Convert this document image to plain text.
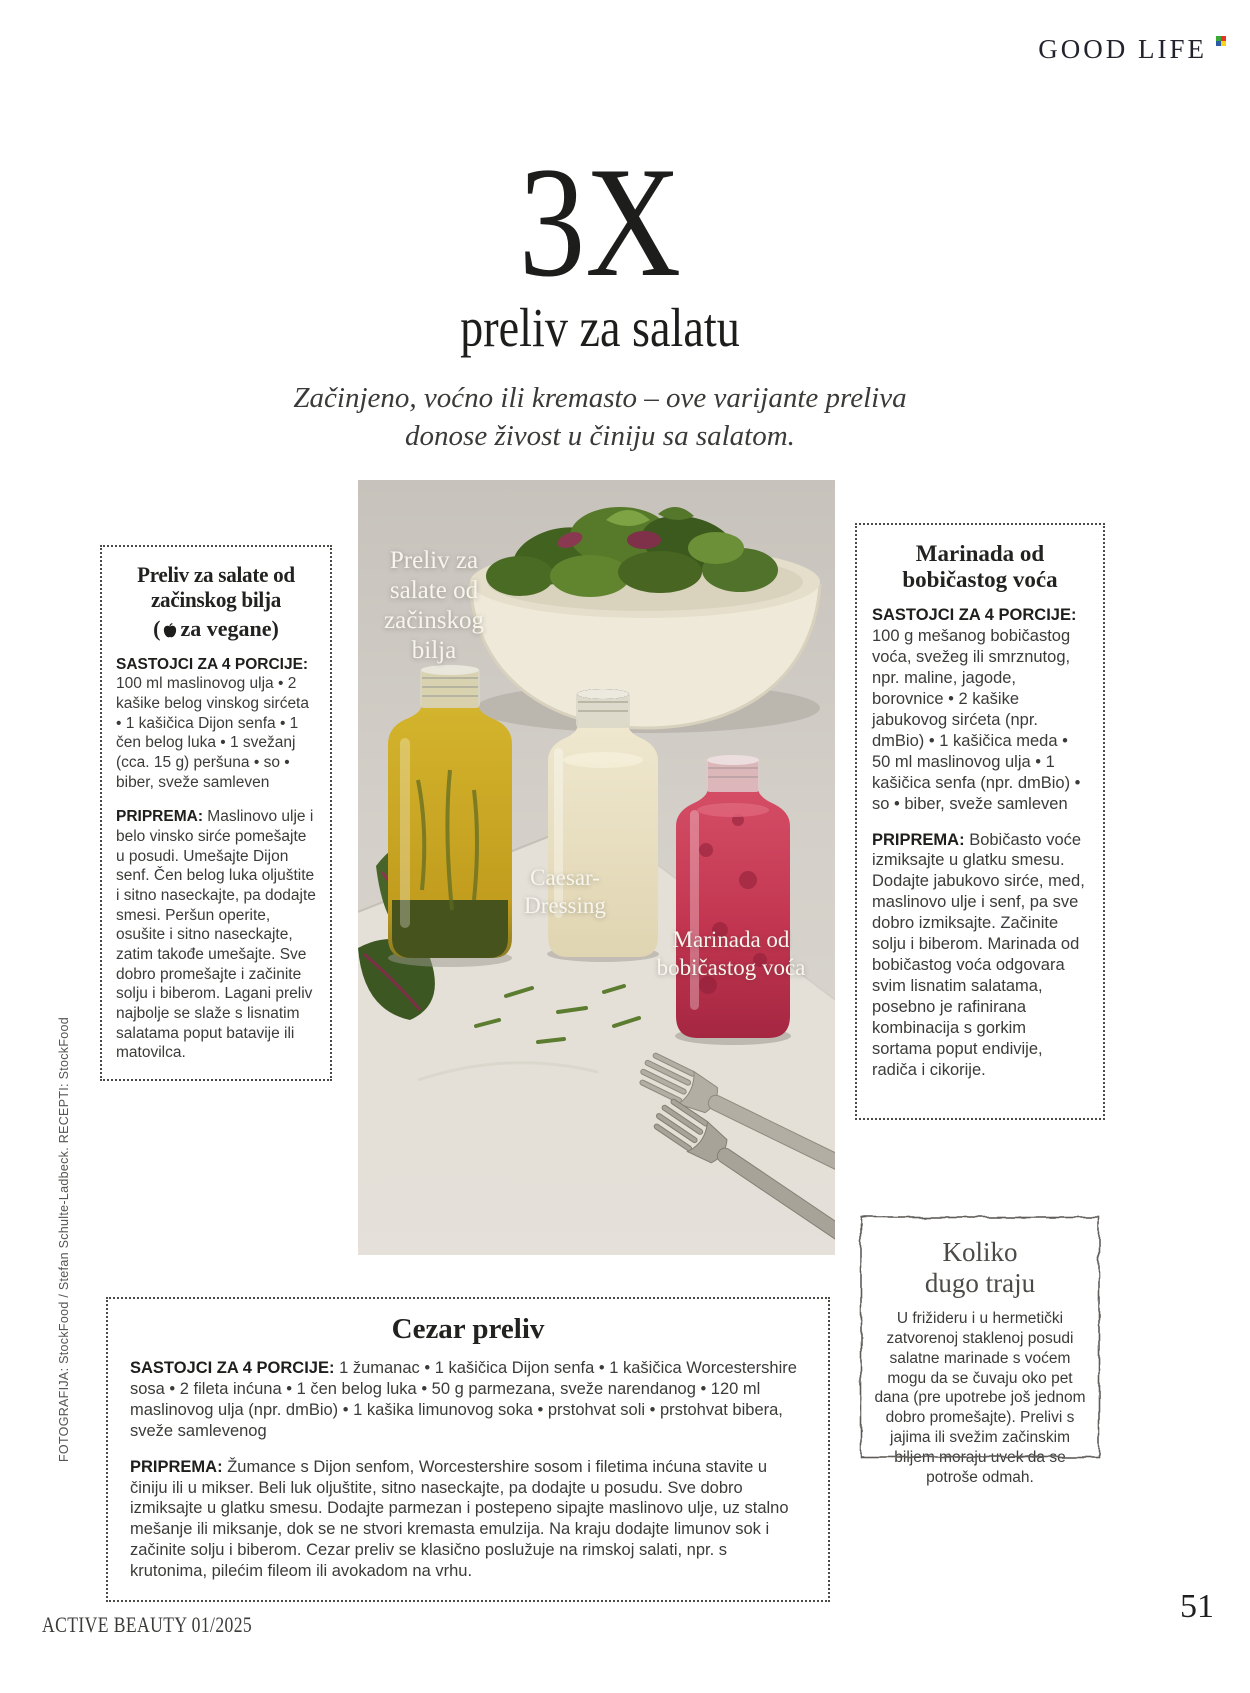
GOOD LIFE
3X
preliv za salatu

Začinjeno, voćno ili kremasto – ove varijante preliva
donose živost u činiju sa salatom.

Preliv za salate od začinskog bilja
Caesar-Dressing
Marinada od bobičastog voća
Preliv za salate od
začinskog bilja
( za vegane)

SASTOJCI ZA 4 PORCIJE:
100 ml maslinovog ulja • 2 kašike belog vinskog sirćeta • 1 kašičica Dijon senfa • 1 čen belog luka • 1 svežanj (cca. 15 g) peršuna • so • biber, sveže samleven

PRIPREMA: Maslinovo ulje i belo vinsko sirće pomešajte u posudi. Umešajte Dijon senf. Čen belog luka oljuštite i sitno naseckajte, pa dodajte smesi. Peršun operite, osušite i sitno naseckajte, zatim takođe umešajte. Sve dobro promešajte i začinite solju i biberom. Lagani preliv najbolje se slaže s lisnatim salatama poput batavije ili matovilca.

Marinada od
bobičastog voća

SASTOJCI ZA 4 PORCIJE:
100 g mešanog bobičastog voća, svežeg ili smrznutog, npr. maline, jagode, borovnice • 2 kašike jabukovog sirćeta (npr. dmBio) • 1 kašičica meda • 50 ml maslinovog ulja • 1 kašičica senfa (npr. dmBio) • so • biber, sveže samleven

PRIPREMA: Bobičasto voće izmiksajte u glatku smesu. Dodajte jabukovo sirće, med, maslinovo ulje i senf, pa sve dobro izmiksajte. Začinite solju i biberom. Marinada od bobičastog voća odgovara svim lisnatim salatama, posebno je rafinirana kombinacija s gorkim sortama poput endivije, radiča i cikorije.

Koliko
dugo traju

U frižideru i u hermetički zatvorenoj staklenoj posudi salatne marinade s voćem mogu da se čuvaju oko pet dana (pre upotrebe još jednom dobro promešajte). Prelivi s jajima ili svežim začinskim biljem moraju uvek da se potroše odmah.

Cezar preliv

SASTOJCI ZA 4 PORCIJE: 1 žumanac • 1 kašičica Dijon senfa • 1 kašičica Worcestershire sosa • 2 fileta inćuna • 1 čen belog luka • 50 g parmezana, sveže narendanog • 120 ml maslinovog ulja (npr. dmBio) • 1 kašika limunovog soka • prstohvat soli • prstohvat bibera, sveže samlevenog

PRIPREMA: Žumance s Dijon senfom, Worcestershire sosom i filetima inćuna stavite u činiju ili u mikser. Beli luk oljuštite, sitno naseckajte, pa dodajte u posudu. Sve dobro izmiksajte u glatku smesu. Dodajte parmezan i postepeno sipajte maslinovo ulje, uz stalno mešanje ili miksanje, dok se ne stvori kremasta emulzija. Na kraju dodajte limunov sok i začinite solju i biberom. Cezar preliv se klasično poslužuje na rimskoj salati, npr. s krutonima, pilećim fileom ili avokadom na vrhu.

FOTOGRAFIJA: StockFood / Stefan Schulte-Ladbeck. RECEPTI: StockFood
ACTIVE BEAUTY 01/2025	51
